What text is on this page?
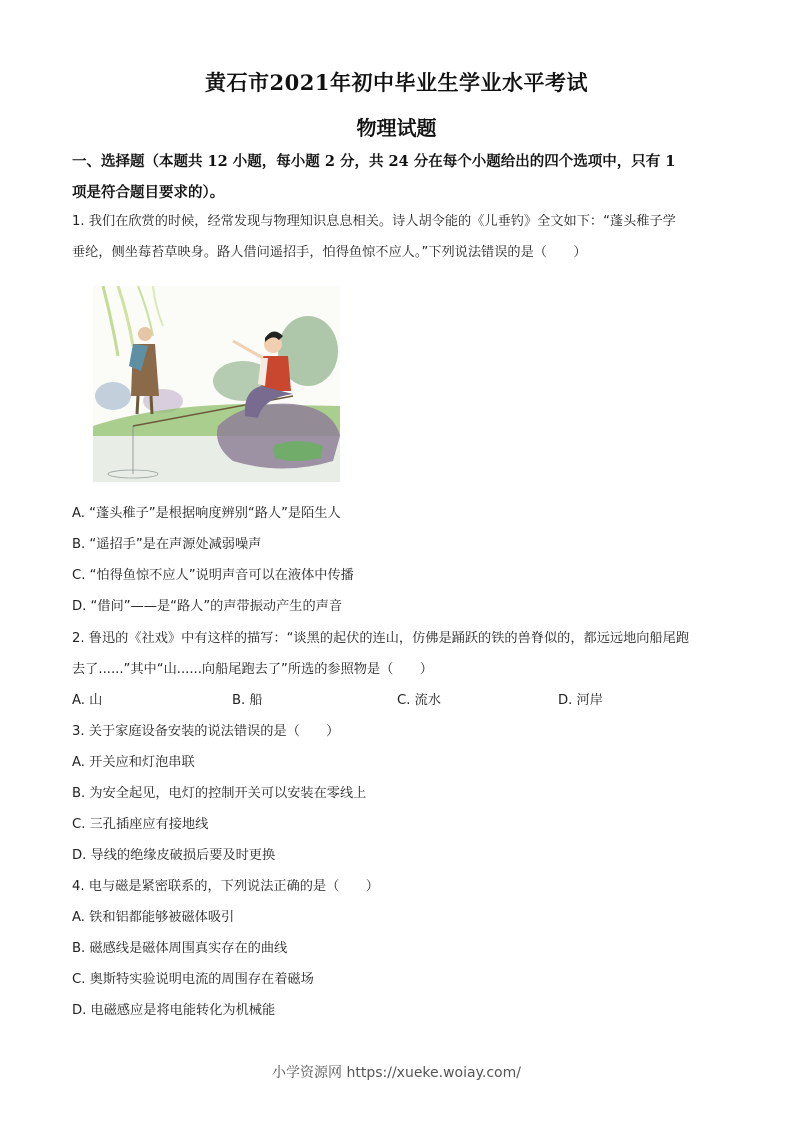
黄石市2021年初中毕业生学业水平考试
物理试题
一、选择题（本题共 12 小题，每小题 2 分，共 24 分在每个小题给出的四个选项中，只有 1
项是符合题目要求的）。
1. 我们在欣赏的时候，经常发现与物理知识息息相关。诗人胡令能的《儿垂钓》全文如下：“蓬头稚子学
垂纶，侧坐莓苔草映身。路人借问遥招手，怕得鱼惊不应人。”下列说法错误的是（　　）
A. “蓬头稚子”是根据响度辨别“路人”是陌生人
B. “遥招手”是在声源处减弱噪声
C. “怕得鱼惊不应人”说明声音可以在液体中传播
D. “借问”——是“路人”的声带振动产生的声音
2. 鲁迅的《社戏》中有这样的描写：“谈黑的起伏的连山，仿佛是踊跃的铁的兽脊似的，都远远地向船尾跑
去了......”其中“山......向船尾跑去了”所选的参照物是（　　）
A. 山	B. 船	C. 流水	D. 河岸
3. 关于家庭设备安装的说法错误的是（　　）
A. 开关应和灯泡串联
B. 为安全起见，电灯的控制开关可以安装在零线上
C. 三孔插座应有接地线
D. 导线的绝缘皮破损后要及时更换
4. 电与磁是紧密联系的，下列说法正确的是（　　）
A. 铁和铝都能够被磁体吸引
B. 磁感线是磁体周围真实存在的曲线
C. 奥斯特实验说明电流的周围存在着磁场
D. 电磁感应是将电能转化为机械能
小学资源网 https://xueke.woiay.com/
